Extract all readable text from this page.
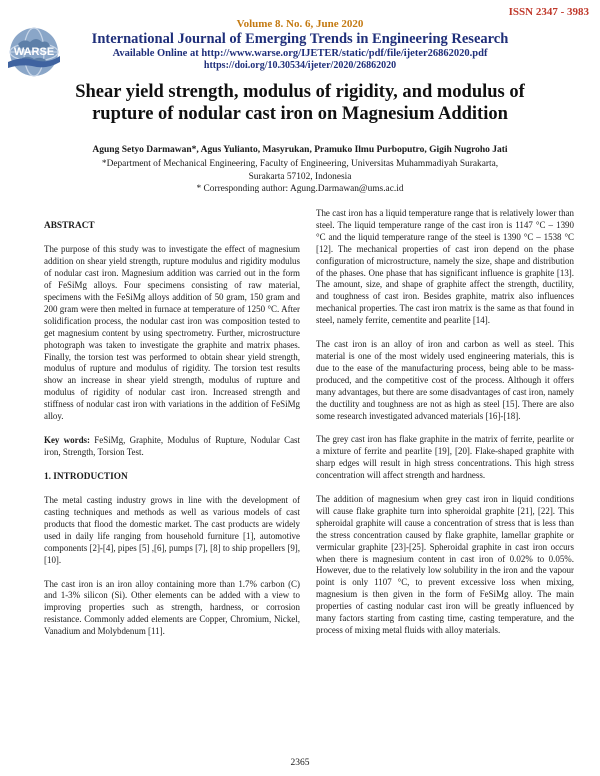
ISSN 2347 - 3983
WARSE
Volume 8. No. 6, June 2020
International Journal of Emerging Trends in Engineering Research
Available Online at http://www.warse.org/IJETER/static/pdf/file/ijeter26862020.pdf
https://doi.org/10.30534/ijeter/2020/26862020
Shear yield strength, modulus of rigidity, and modulus of
rupture of nodular cast iron on Magnesium Addition
Agung Setyo Darmawan*, Agus Yulianto, Masyrukan, Pramuko Ilmu Purboputro, Gigih Nugroho Jati
*Department of Mechanical Engineering, Faculty of Engineering, Universitas Muhammadiyah Surakarta,
Surakarta 57102, Indonesia
* Corresponding author: Agung.Darmawan@ums.ac.id
ABSTRACT

The purpose of this study was to investigate the effect of magnesium addition on shear yield strength, rupture modulus and rigidity modulus of nodular cast iron. Magnesium addition was carried out in the form of FeSiMg alloys. Four specimens consisting of raw material, specimens with the FeSiMg alloys addition of 50 gram, 150 gram and 200 gram were then melted in furnace at temperature of 1250 °C. After solidification process, the nodular cast iron was composition tested to get magnesium content by using spectrometry. Further, microstructure photograph was taken to investigate the graphite and matrix phases. Finally, the torsion test was performed to obtain shear yield strength, modulus of rupture and modulus of rigidity. The torsion test results show an increase in shear yield strength, modulus of rupture and modulus of rigidity of nodular cast iron. Increased strength and stiffness of nodular cast iron with variations in the addition of FeSiMg alloy.

Key words: FeSiMg, Graphite, Modulus of Rupture, Nodular Cast iron, Strength, Torsion Test.

1. INTRODUCTION

The metal casting industry grows in line with the development of casting techniques and methods as well as various models of cast products that flood the domestic market. The cast products are widely used in daily life ranging from household furniture [1], automotive components [2]-[4], pipes [5] ,[6], pumps [7], [8] to ship propellers [9], [10].

The cast iron is an iron alloy containing more than 1.7% carbon (C) and 1-3% silicon (Si). Other elements can be added with a view to improving properties such as strength, hardness, or corrosion resistance. Commonly added elements are Copper, Chromium, Nickel, Vanadium and Molybdenum [11].

The cast iron has a liquid temperature range that is relatively lower than steel. The liquid temperature range of the cast iron is 1147 °C – 1390 °C and the liquid temperature range of the steel is 1390 °C – 1538 °C [12]. The mechanical properties of cast iron depend on the phase configuration of microstructure, namely the size, shape and distribution of the phases. One phase that has significant influence is graphite [13]. The amount, size, and shape of graphite affect the strength, ductility, and toughness of cast iron. Besides graphite, matrix also influences mechanical properties. The cast iron matrix is the same as that found in steel, namely ferrite, cementite and pearlite [14].

The cast iron is an alloy of iron and carbon as well as steel. This material is one of the most widely used engineering materials, this is due to the ease of the manufacturing process, being able to be mass-produced, and the competitive cost of the process. Although it offers many advantages, but there are some disadvantages of cast iron, namely the ductility and toughness are not as high as steel [15]. There are also some research investigated advanced materials [16]-[18].

The grey cast iron has flake graphite in the matrix of ferrite, pearlite or a mixture of ferrite and pearlite [19], [20]. Flake-shaped graphite with sharp edges will result in high stress concentrations. This high stress concentration will affect strength and hardness.

The addition of magnesium when grey cast iron in liquid conditions will cause flake graphite turn into spheroidal graphite [21], [22]. This spheroidal graphite will cause a concentration of stress that is less than the stress concentration caused by flake graphite, lamellar graphite or vermicular graphite [23]-[25]. Spheroidal graphite in cast iron occurs when there is magnesium content in cast iron of 0.02% to 0.05%. However, due to the relatively low solubility in the iron and the vapour point is only 1107 °C, to prevent excessive loss when mixing, magnesium is then given in the form of FeSiMg alloy. The main properties of casting nodular cast iron will be greatly influenced by many factors starting from casting time, casting temperature, and the process of mixing metal fluids with alloy materials.

2365
